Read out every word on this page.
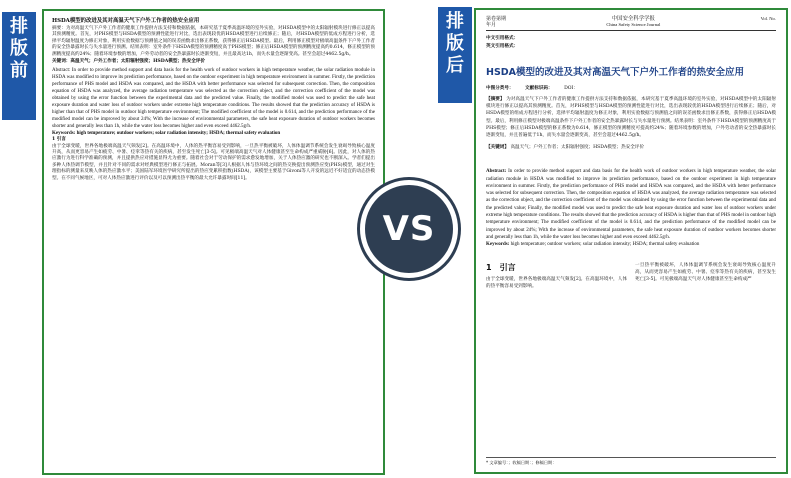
排
版
前
HSDA模型的改进及其对高温天气下户外工作者的热安全应用

摘要：为对高温天气下户外工作者的健康工作提供方法支持和数据依据，本研究基于夏季高温环境的室外实验，对HSDA模型中的太阳辐射模块进行修正以提高其预测精度。首先，对PHS模型与HSDA模型的预测性能进行对比，选出表现较优的HSDA模型进行后续修正；随后，对HSDA模型的低成方程进行分析，选择平均辐射温度为修正对象，利用实验数据与预测值之间的误差函数求出修正系数，获得修正后HSDA模型。最后，利用修正模型对极端高温条件下户外工作者的安全热暴露时长与失水量进行预测。结果表明：室外条件下HSDA模型的预测精度高于PHS模型；修正后HSDA模型的预测精度提高约0.614，修正模型的预测精度提高约24%；随着环境参数的增加，户外劳动者的安全热暴露时长逐渐变短，并且最高达1h，而失水量会逐渐变高。甚至会超过4462.5g/h。

关键词：高温天气；户外工作者；太阳辐射强度；HSDA模型；热安全评价

Abstract: In order to provide method support and data basis for the health work of outdoor workers in high temperature weather, the solar radiation module in HSDA was modified to improve its prediction performance, based on the outdoor experiment in high temperature environment in summer. Firstly, the prediction performance of PHS model and HSDA was compared, and the HSDA with better performance was selected for subsequent correction. Then, the composition equation of HSDA was analyzed, the average radiation temperature was selected as the correction object, and the correction coefficient of the model was obtained by using the error function between the experimental data and the predicted value. Finally, the modified model was used to predict the safe heat exposure duration and water loss of outdoor workers under extreme high temperature conditions. The results showed that the prediction accuracy of HSDA is higher than that of PHS model in outdoor high temperature environment; The modified coefficient of the model is 0.614, and the prediction performance of the modified model can be improved by about 24%; With the increase of environmental parameters, the safe heat exposure duration of outdoor workers becomes shorter and generally less than 1h, while the water loss becomes higher and even exceed 4462.5g/h.
Keywords: high temperature; outdoor workers; solar radiation intensity; HSDA; thermal safety evaluation
1 引言
由于全球变暖，世界各地极端高温天气频发[2]。在高温环境中，人体的热平衡容易受到影响，一旦热平衡被破坏，人体体温调节系统会发生衰竭导致核心温度升高，从而更容易产生如疲劳、中暑、痉挛等热有关的疾病，甚至发生死亡[3-5]。可见极端高温天气对人体健康甚至生命构成严重威胁[6]。因此，对人体的热应激行为进行科学准确的预测，并且提供热应对措施显得尤为重要。随着社会对于劳动保护的需求愈发地增加，关于人体热应激的研究也不断深入。学者们提出多种人体热调节模型，并且针对不同的需求对经典模型进行修正与拓展。Moran等[3]人根据人体与热环境之间的热交换提出预测热应变(PHS)模型，通过对生理指标的测量来反映人体的热应激水平；美国陆军环境医学研究所提出的热应变累积指数(HSDA)，该模型主要基于Givoni等人开发的远近不好适宜的动态热模型。在不同气候地区，可对人体热应激进行评价以及可以预测出热平衡的最大允许暴露时间[11]。
VS
排
版
后
第卷第期
年月
中国安全科学学报
China Safety Science Journal
Vol. No.
中文引用格式：
英文引用格式：
HSDA模型的改进及其对高温天气下户外工作者的热安全应用
中图分类号： 文献标识码： DOI：
【摘要】 为对高温天气下户外工作者的健康工作提供方法支持和数据依据，本研究基于夏季高温环境的室外实验，对HSDA模型中的太阳辐射模块进行修正以提高其预测精度。首先，对PHS模型与HSDA模型的预测性能进行对比，选出表现较优的HSDA模型进行后续修正；随后，对HSDA模型的组成方程进行分析，选择平均辐射温度为修正对象，利用实验数据与预测值之间的误差函数求出修正系数，获得修正后HSDA模型。最后，利用修正模型对极端高温条件下户外工作者的安全热暴露时长与失水量进行预测。结果表明：室外条件下HSDA模型的预测精度高于PHS模型；修正后HSDA模型的修正系数为0.614，修正模型的预测精度可提高约24%；随着环境参数的增加，户外劳动者的安全热暴露时长逐渐变短，并且普遍低于1h，而失水量会逐渐变高，甚至会超过4462.5g/h。
【关键词】 高温天气；户外工作者；太阳辐射强度；HSDA模型；热安全评价
Abstract: In order to provide method support and data basis for the health work of outdoor workers in high temperature weather, the solar radiation module in HSDA was modified to improve its prediction performance, based on the outdoor experiment in high temperature environment in summer. Firstly, the prediction performance of PHS model and HSDA was compared, and the HSDA with better performance was selected for subsequent correction. Then, the composition equation of HSDA was analyzed, the average radiation temperature was selected as the correction object, and the correction coefficient of the model was obtained by using the error function between the experimental data and the predicted value; Finally, the modified model was used to predict the safe heat exposure duration and water loss of outdoor workers under extreme high temperature conditions. The results showed that the prediction accuracy of HSDA is higher than that of PHS model in outdoor high temperature environment; The modified coefficient of the model is 0.614, and the prediction performance of the modified model can be improved by about 24%; With the increase of environmental parameters, the safe heat exposure duration of outdoor workers becomes shorter and generally less than 1h, while the water loss becomes higher and even exceed 4462.5g/h.
Keywords: high temperature; outdoor workers; solar radiation intensity; HSDA; thermal safety evaluation
1　引言
由于全球变暖，世界各地极端高温天气频发[2]。在高温环境中，人体的热平衡容易受到影响。
一旦热平衡被破坏，人体体温调节系统会发生衰竭导致核心温度升高，从而更容易产生如疲劳、中暑、痉挛等热有关的疾病，甚至发生死亡[3-5]。可见极端高温天气对人体健康甚至生命构成严
* 文章编号：；收稿日期：；修稿日期：
